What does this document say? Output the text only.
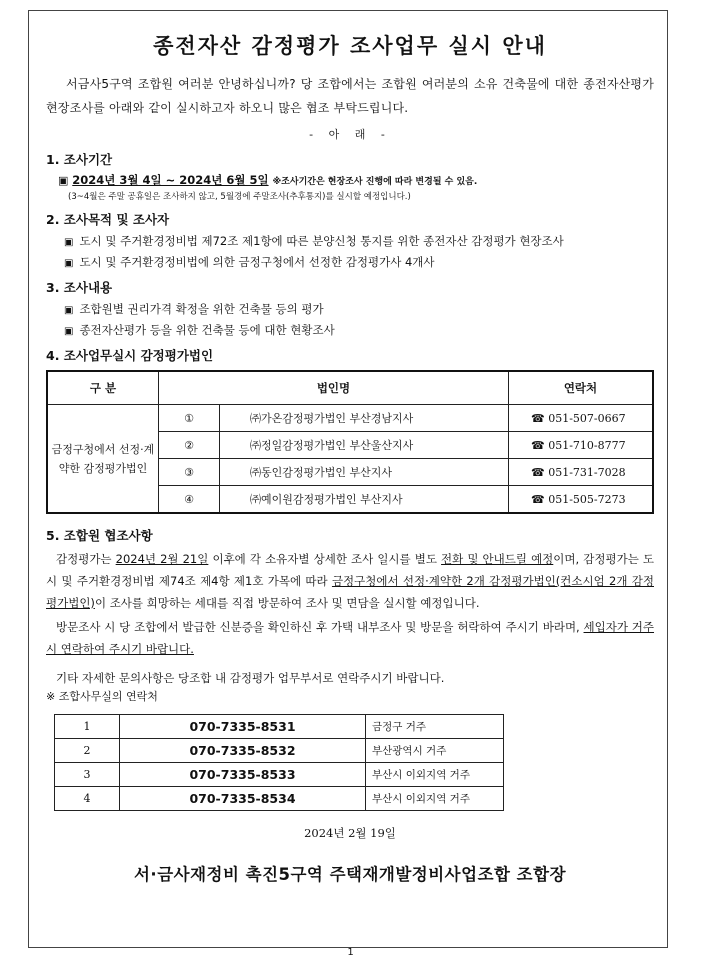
종전자산 감정평가 조사업무 실시 안내

서금사5구역 조합원 여러분 안녕하십니까? 당 조합에서는 조합원 여러분의 소유 건축물에 대한 종전자산평가 현장조사를 아래와 같이 실시하고자 하오니 많은 협조 부탁드립니다.

- 아 래 -
1. 조사기간
▣ 2024년 3월 4일 ~ 2024년 6월 5일 ※조사기간은 현장조사 진행에 따라 변경될 수 있음.
(3~4월은 주말 공휴일은 조사하지 않고, 5월경에 주말조사(추후통지)를 실시할 예정입니다.)
2. 조사목적 및 조사자
▣ 도시 및 주거환경정비법 제72조 제1항에 따른 분양신청 통지를 위한 종전자산 감정평가 현장조사
▣ 도시 및 주거환경정비법에 의한 금정구청에서 선정한 감정평가사 4개사
3. 조사내용
▣ 조합원별 권리가격 확정을 위한 건축물 등의 평가
▣ 종전자산평가 등을 위한 건축물 등에 대한 현황조사
4. 조사업무실시 감정평가법인
구 분	법인명		연락처
금정구청에서 선정·계약한 감정평가법인	①	㈜가온감정평가법인 부산경남지사	☎ 051-507-0667
	②	㈜정일감정평가법인 부산울산지사	☎ 051-710-8777
	③	㈜동인감정평가법인 부산지사	☎ 051-731-7028
	④	㈜예이원감정평가법인 부산지사	☎ 051-505-7273
5. 조합원 협조사항

감정평가는 2024년 2월 21일 이후에 각 소유자별 상세한 조사 일시를 별도 전화 및 안내드릴 예정이며, 감정평가는 도시 및 주거환경정비법 제74조 제4항 제1호 가목에 따라 금정구청에서 선정·계약한 2개 감정평가법인(컨소시엄 2개 감정평가법인)이 조사를 희망하는 세대를 직접 방문하여 조사 및 면담을 실시할 예정입니다.

방문조사 시 당 조합에서 발급한 신분증을 확인하신 후 가택 내부조사 및 방문을 허락하여 주시기 바라며, 세입자가 거주 시 연락하여 주시기 바랍니다.

기타 자세한 문의사항은 당조합 내 감정평가 업무부서로 연락주시기 바랍니다.
※ 조합사무실의 연락처
1	070-7335-8531	금정구 거주
2	070-7335-8532	부산광역시 거주
3	070-7335-8533	부산시 이외지역 거주
4	070-7335-8534	부산시 이외지역 거주
2024년 2월 19일
서·금사재정비 촉진5구역 주택재개발정비사업조합 조합장
1
